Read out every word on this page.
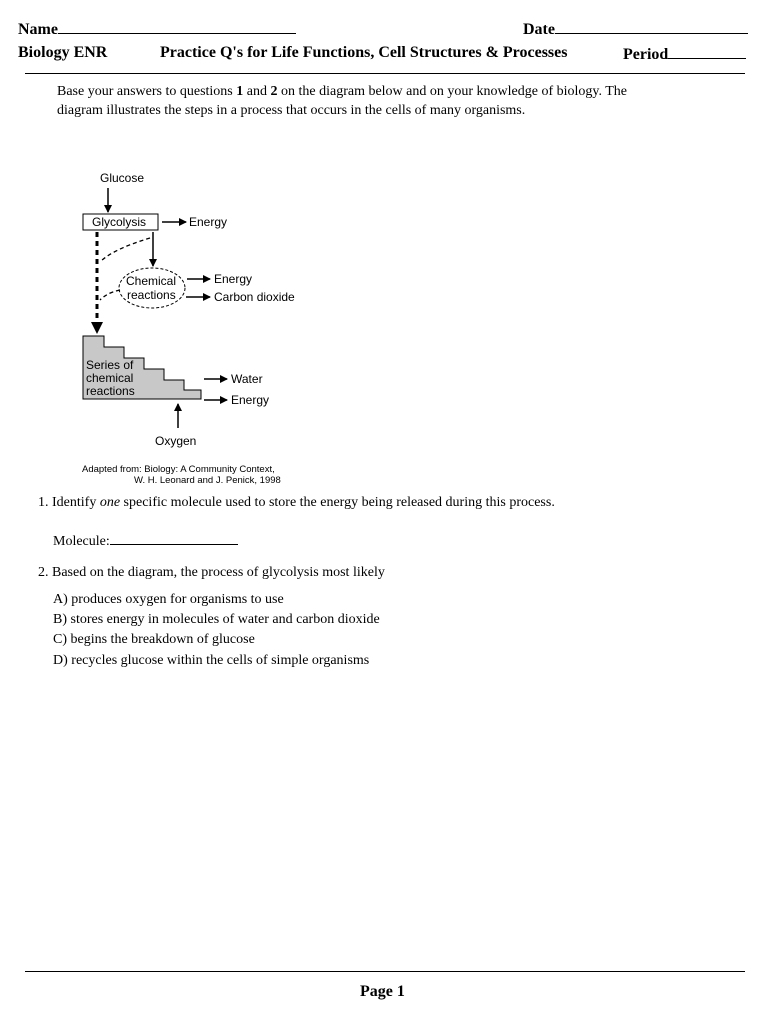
Name	Date
Biology ENR	Practice Q's for Life Functions, Cell Structures & Processes	Period
Base your answers to questions 1 and 2 on the diagram below and on your knowledge of biology. The
diagram illustrates the steps in a process that occurs in the cells of many organisms.
Glucose
Glycolysis	Energy
Chemical
reactions
Energy
Carbon dioxide
Series of
chemical
reactions
Water
Energy
Oxygen
Adapted from: Biology: A Community Context,
W. H. Leonard and J. Penick, 1998
1. Identify one specific molecule used to store the energy being released during this process.
Molecule:
2. Based on the diagram, the process of glycolysis most likely
A) produces oxygen for organisms to use
B) stores energy in molecules of water and carbon dioxide
C) begins the breakdown of glucose
D) recycles glucose within the cells of simple organisms
Page 1
